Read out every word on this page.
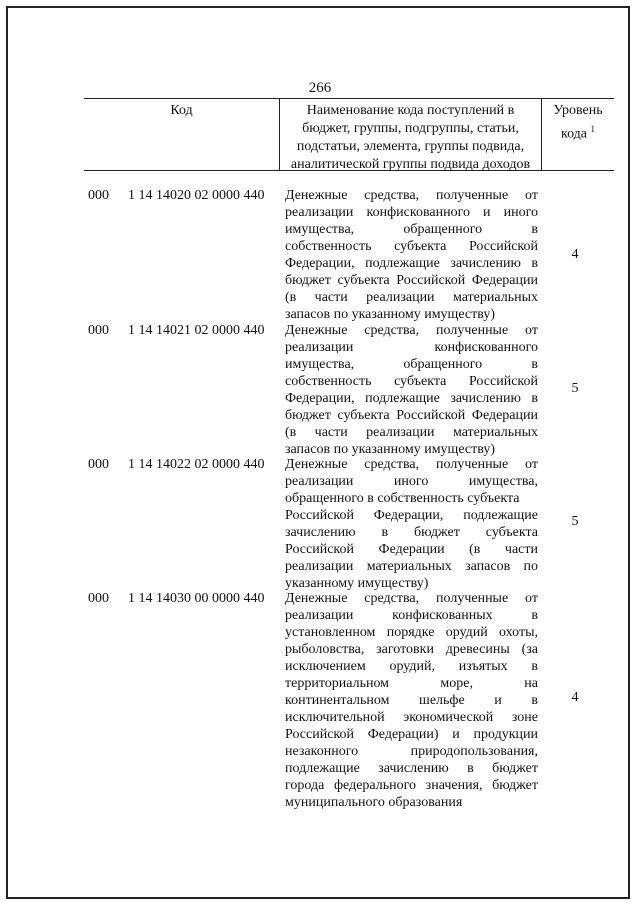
266
Код	Наименование кода поступлений в
бюджет, группы, подгруппы, статьи,
подстатьи, элемента, группы подвида,
аналитической группы подвида доходов
Уровень
кода $^1$
000	1 14 14020 02 0000 440	Денежные средства, полученные от
реализации конфискованного и иного
имущества, обращенного в
собственность субъекта Российской
Федерации, подлежащие зачислению в
бюджет субъекта Российской Федерации
(в части реализации материальных
запасов по указанному имуществу)
4
000	1 14 14021 02 0000 440	Денежные средства, полученные от
реализации конфискованного
имущества, обращенного в
собственность субъекта Российской
Федерации, подлежащие зачислению в
бюджет субъекта Российской Федерации
(в части реализации материальных
запасов по указанному имуществу)
5
000	1 14 14022 02 0000 440	Денежные средства, полученные от
реализации иного имущества,
обращенного в собственность субъекта
Российской Федерации, подлежащие
зачислению в бюджет субъекта
Российской Федерации (в части
реализации материальных запасов по
указанному имуществу)
5
000	1 14 14030 00 0000 440	Денежные средства, полученные от
реализации конфискованных в
установленном порядке орудий охоты,
рыболовства, заготовки древесины (за
исключением орудий, изъятых в
территориальном море, на
континентальном шельфе и в
исключительной экономической зоне
Российской Федерации) и продукции
незаконного природопользования,
подлежащие зачислению в бюджет
города федерального значения, бюджет
муниципального образования
4
